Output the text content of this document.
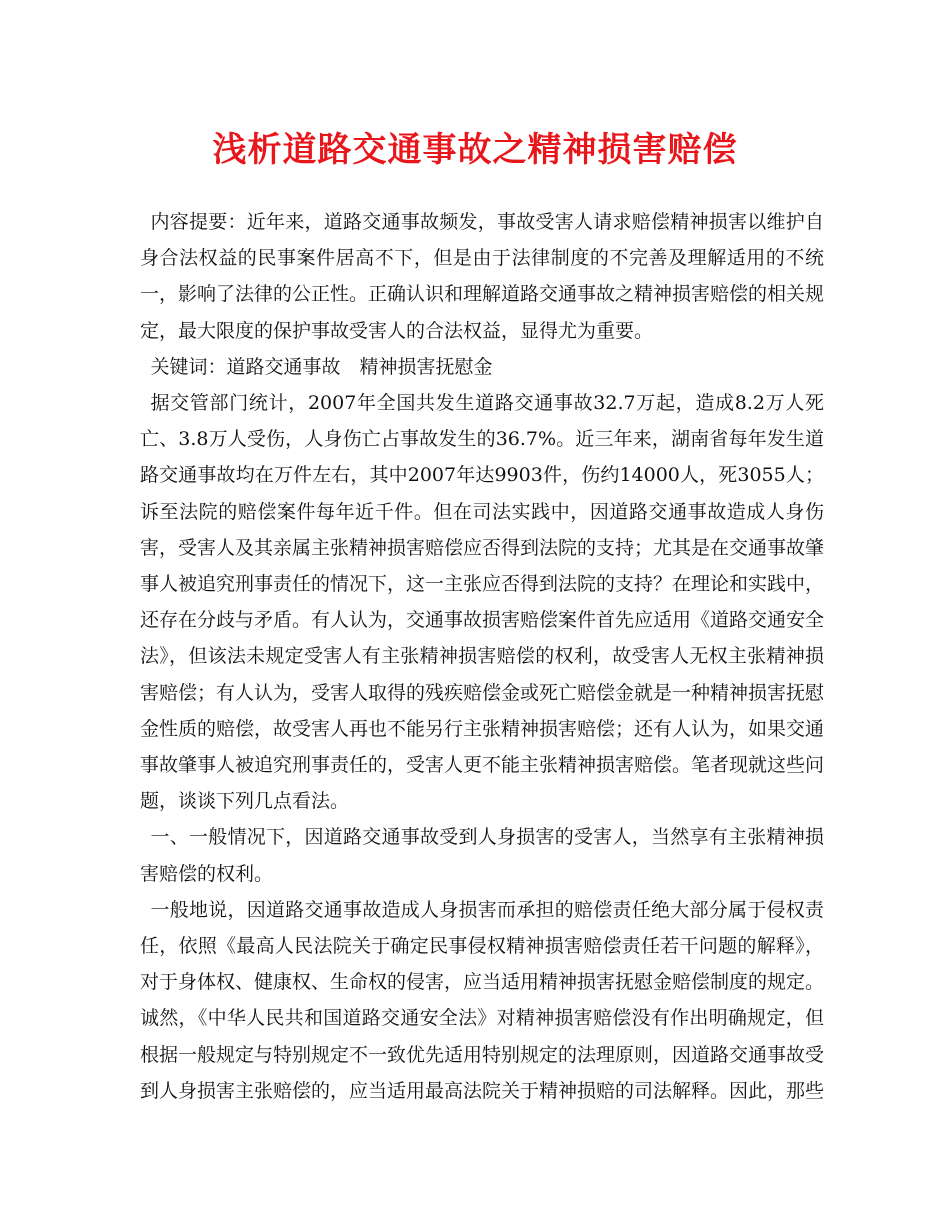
浅析道路交通事故之精神损害赔偿

内容提要：近年来，道路交通事故频发，事故受害人请求赔偿精神损害以维护自身合法权益的民事案件居高不下，但是由于法律制度的不完善及理解适用的不统一，影响了法律的公正性。正确认识和理解道路交通事故之精神损害赔偿的相关规定，最大限度的保护事故受害人的合法权益，显得尤为重要。

关键词：道路交通事故　精神损害抚慰金

据交管部门统计，2007年全国共发生道路交通事故32.7万起，造成8.2万人死亡、3.8万人受伤，人身伤亡占事故发生的36.7%。近三年来，湖南省每年发生道路交通事故均在万件左右，其中2007年达9903件，伤约14000人，死3055人；诉至法院的赔偿案件每年近千件。但在司法实践中，因道路交通事故造成人身伤害，受害人及其亲属主张精神损害赔偿应否得到法院的支持；尤其是在交通事故肇事人被追究刑事责任的情况下，这一主张应否得到法院的支持？在理论和实践中，还存在分歧与矛盾。有人认为，交通事故损害赔偿案件首先应适用《道路交通安全法》，但该法未规定受害人有主张精神损害赔偿的权利，故受害人无权主张精神损害赔偿；有人认为，受害人取得的残疾赔偿金或死亡赔偿金就是一种精神损害抚慰金性质的赔偿，故受害人再也不能另行主张精神损害赔偿；还有人认为，如果交通事故肇事人被追究刑事责任的，受害人更不能主张精神损害赔偿。笔者现就这些问题，谈谈下列几点看法。

一、一般情况下，因道路交通事故受到人身损害的受害人，当然享有主张精神损害赔偿的权利。

一般地说，因道路交通事故造成人身损害而承担的赔偿责任绝大部分属于侵权责任，依照《最高人民法院关于确定民事侵权精神损害赔偿责任若干问题的解释》，对于身体权、健康权、生命权的侵害，应当适用精神损害抚慰金赔偿制度的规定。诚然，《中华人民共和国道路交通安全法》对精神损害赔偿没有作出明确规定，但根据一般规定与特别规定不一致优先适用特别规定的法理原则，因道路交通事故受到人身损害主张赔偿的，应当适用最高法院关于精神损赔的司法解释。因此，那些
